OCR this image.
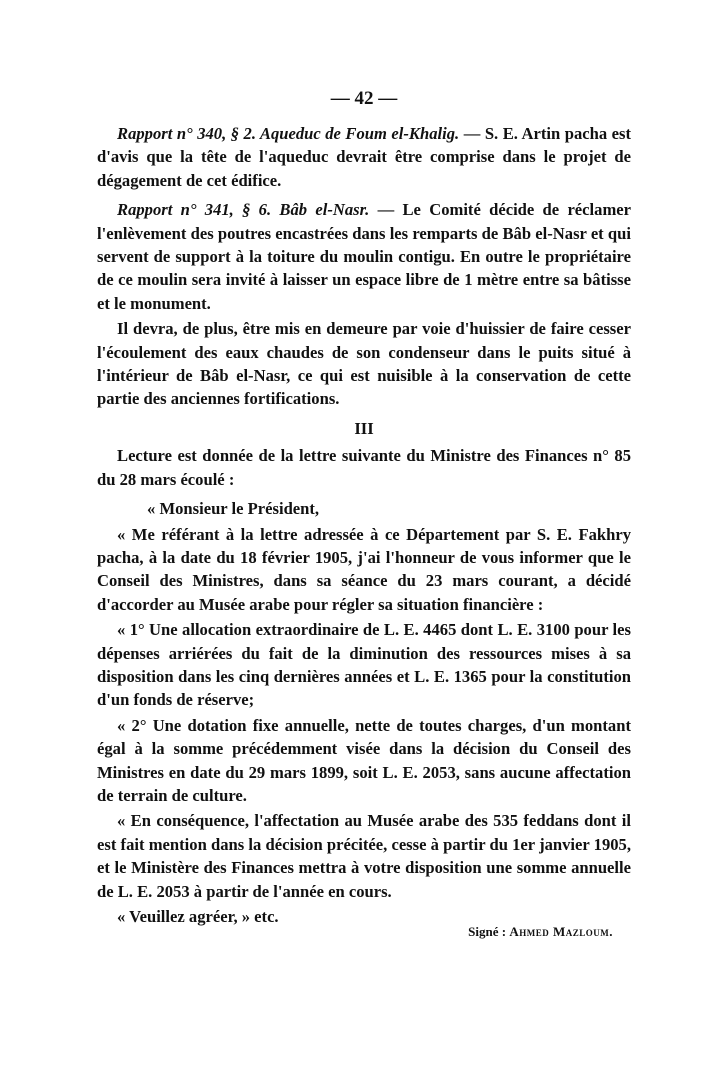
— 42 —

Rapport n° 340, § 2. Aqueduc de Foum el-Khalig. — S. E. Artin pacha est d'avis que la tête de l'aqueduc devrait être comprise dans le projet de dégagement de cet édifice.

Rapport n° 341, § 6. Bâb el-Nasr. — Le Comité décide de réclamer l'enlèvement des poutres encastrées dans les remparts de Bâb el-Nasr et qui servent de support à la toiture du moulin contigu. En outre le propriétaire de ce moulin sera invité à laisser un espace libre de 1 mètre entre sa bâtisse et le monument.

Il devra, de plus, être mis en demeure par voie d'huissier de faire cesser l'écoulement des eaux chaudes de son condenseur dans le puits situé à l'intérieur de Bâb el-Nasr, ce qui est nuisible à la conservation de cette partie des anciennes fortifications.

III

Lecture est donnée de la lettre suivante du Ministre des Finances n° 85 du 28 mars écoulé :

« Monsieur le Président,

« Me référant à la lettre adressée à ce Département par S. E. Fakhry pacha, à la date du 18 février 1905, j'ai l'honneur de vous informer que le Conseil des Ministres, dans sa séance du 23 mars courant, a décidé d'accorder au Musée arabe pour régler sa situation financière :

« 1° Une allocation extraordinaire de L. E. 4465 dont L. E. 3100 pour les dépenses arriérées du fait de la diminution des ressources mises à sa disposition dans les cinq dernières années et L. E. 1365 pour la constitution d'un fonds de réserve;

« 2° Une dotation fixe annuelle, nette de toutes charges, d'un montant égal à la somme précédemment visée dans la décision du Conseil des Ministres en date du 29 mars 1899, soit L. E. 2053, sans aucune affectation de terrain de culture.

« En conséquence, l'affectation au Musée arabe des 535 feddans dont il est fait mention dans la décision précitée, cesse à partir du 1er janvier 1905, et le Ministère des Finances mettra à votre disposition une somme annuelle de L. E. 2053 à partir de l'année en cours.

« Veuillez agréer, » etc.

Signé : Ahmed Mazloum.
